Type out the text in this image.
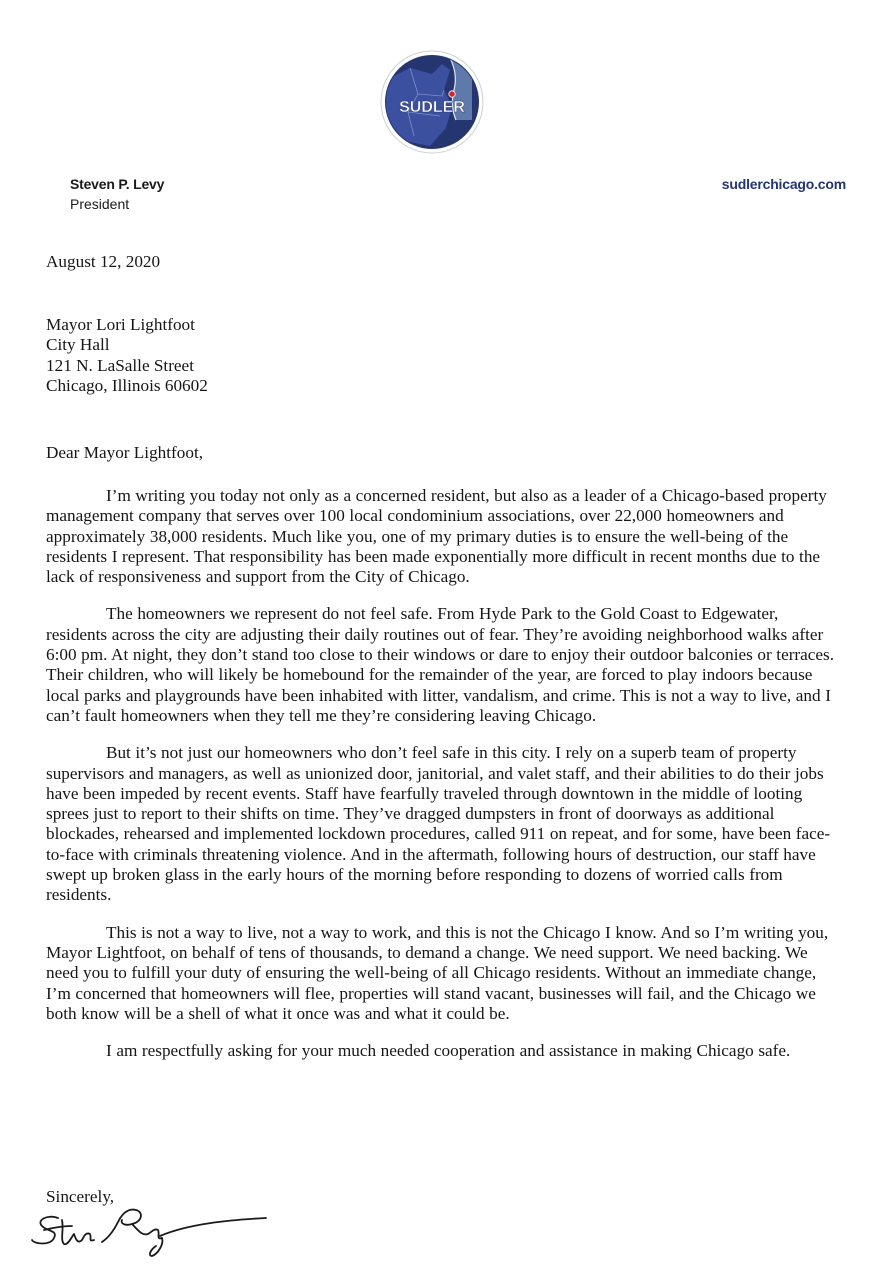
SUDLER
Steven P. Levy
President
sudlerchicago.com
August 12, 2020
Mayor Lori Lightfoot
City Hall
121 N. LaSalle Street
Chicago, Illinois 60602
Dear Mayor Lightfoot,

I’m writing you today not only as a concerned resident, but also as a leader of a Chicago-based property management company that serves over 100 local condominium associations, over 22,000 homeowners and approximately 38,000 residents. Much like you, one of my primary duties is to ensure the well-being of the residents I represent. That responsibility has been made exponentially more difficult in recent months due to the lack of responsiveness and support from the City of Chicago.

The homeowners we represent do not feel safe. From Hyde Park to the Gold Coast to Edgewater, residents across the city are adjusting their daily routines out of fear. They’re avoiding neighborhood walks after 6:00 pm. At night, they don’t stand too close to their windows or dare to enjoy their outdoor balconies or terraces. Their children, who will likely be homebound for the remainder of the year, are forced to play indoors because local parks and playgrounds have been inhabited with litter, vandalism, and crime. This is not a way to live, and I can’t fault homeowners when they tell me they’re considering leaving Chicago.

But it’s not just our homeowners who don’t feel safe in this city. I rely on a superb team of property supervisors and managers, as well as unionized door, janitorial, and valet staff, and their abilities to do their jobs have been impeded by recent events. Staff have fearfully traveled through downtown in the middle of looting sprees just to report to their shifts on time. They’ve dragged dumpsters in front of doorways as additional blockades, rehearsed and implemented lockdown procedures, called 911 on repeat, and for some, have been face-to-face with criminals threatening violence. And in the aftermath, following hours of destruction, our staff have swept up broken glass in the early hours of the morning before responding to dozens of worried calls from residents.

This is not a way to live, not a way to work, and this is not the Chicago I know. And so I’m writing you, Mayor Lightfoot, on behalf of tens of thousands, to demand a change. We need support. We need backing. We need you to fulfill your duty of ensuring the well-being of all Chicago residents. Without an immediate change, I’m concerned that homeowners will flee, properties will stand vacant, businesses will fail, and the Chicago we both know will be a shell of what it once was and what it could be.

I am respectfully asking for your much needed cooperation and assistance in making Chicago safe.

Sincerely,
